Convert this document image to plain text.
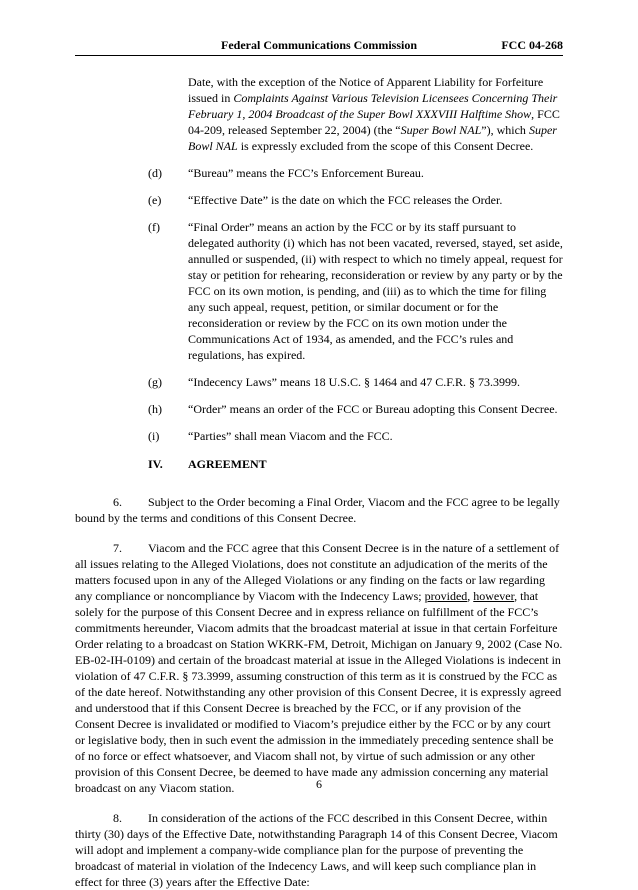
Federal Communications Commission	FCC 04-268

Date, with the exception of the Notice of Apparent Liability for Forfeiture issued in Complaints Against Various Television Licensees Concerning Their February 1, 2004 Broadcast of the Super Bowl XXXVIII Halftime Show, FCC 04-209, released September 22, 2004) (the “Super Bowl NAL”), which Super Bowl NAL is expressly excluded from the scope of this Consent Decree.

(d)	“Bureau” means the FCC’s Enforcement Bureau.
(e)	“Effective Date” is the date on which the FCC releases the Order.
(f)	“Final Order” means an action by the FCC or by its staff pursuant to delegated authority (i) which has not been vacated, reversed, stayed, set aside, annulled or suspended, (ii) with respect to which no timely appeal, request for stay or petition for rehearing, reconsideration or review by any party or by the FCC on its own motion, is pending, and (iii) as to which the time for filing any such appeal, request, petition, or similar document or for the reconsideration or review by the FCC on its own motion under the Communications Act of 1934, as amended, and the FCC’s rules and regulations, has expired.
(g)	“Indecency Laws” means 18 U.S.C. § 1464 and 47 C.F.R. § 73.3999.
(h)	“Order” means an order of the FCC or Bureau adopting this Consent Decree.
(i)	“Parties” shall mean Viacom and the FCC.
IV.	AGREEMENT
6. Subject to the Order becoming a Final Order, Viacom and the FCC agree to be legally bound by the terms and conditions of this Consent Decree.
7. Viacom and the FCC agree that this Consent Decree is in the nature of a settlement of all issues relating to the Alleged Violations, does not constitute an adjudication of the merits of the matters focused upon in any of the Alleged Violations or any finding on the facts or law regarding any compliance or noncompliance by Viacom with the Indecency Laws; provided, however, that solely for the purpose of this Consent Decree and in express reliance on fulfillment of the FCC’s commitments hereunder, Viacom admits that the broadcast material at issue in that certain Forfeiture Order relating to a broadcast on Station WKRK-FM, Detroit, Michigan on January 9, 2002 (Case No. EB-02-IH-0109) and certain of the broadcast material at issue in the Alleged Violations is indecent in violation of 47 C.F.R. § 73.3999, assuming construction of this term as it is construed by the FCC as of the date hereof. Notwithstanding any other provision of this Consent Decree, it is expressly agreed and understood that if this Consent Decree is breached by the FCC, or if any provision of the Consent Decree is invalidated or modified to Viacom’s prejudice either by the FCC or by any court or legislative body, then in such event the admission in the immediately preceding sentence shall be of no force or effect whatsoever, and Viacom shall not, by virtue of such admission or any other provision of this Consent Decree, be deemed to have made any admission concerning any material broadcast on any Viacom station.
8. In consideration of the actions of the FCC described in this Consent Decree, within thirty (30) days of the Effective Date, notwithstanding Paragraph 14 of this Consent Decree, Viacom will adopt and implement a company-wide compliance plan for the purpose of preventing the broadcast of material in violation of the Indecency Laws, and will keep such compliance plan in effect for three (3) years after the Effective Date:
6
